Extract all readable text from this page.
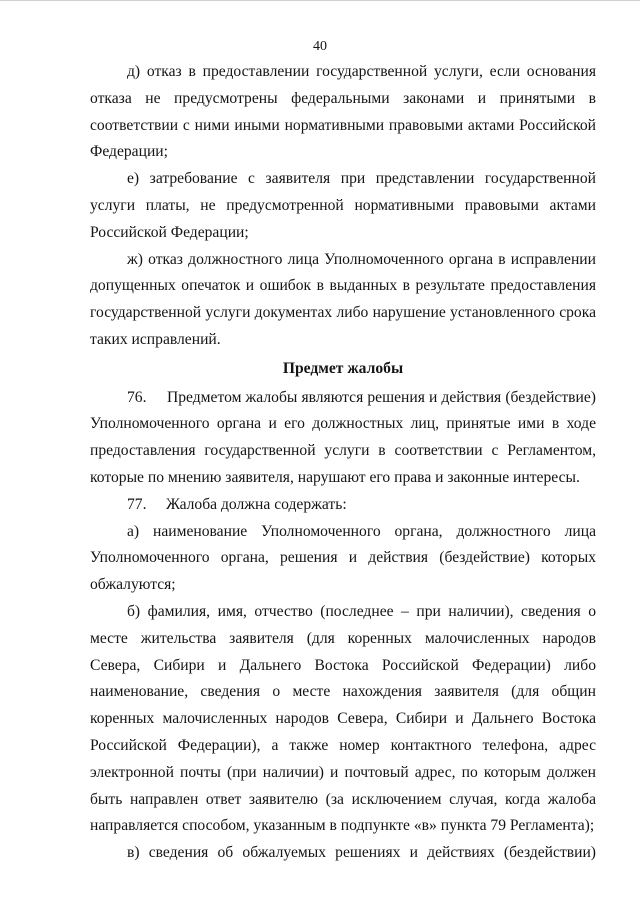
40

д) отказ в предоставлении государственной услуги, если основания отказа не предусмотрены федеральными законами и принятыми в соответствии с ними иными нормативными правовыми актами Российской Федерации;

е) затребование с заявителя при представлении государственной услуги платы, не предусмотренной нормативными правовыми актами Российской Федерации;

ж) отказ должностного лица Уполномоченного органа в исправлении допущенных опечаток и ошибок в выданных в результате предоставления государственной услуги документах либо нарушение установленного срока таких исправлений.

Предмет жалобы

76.     Предметом жалобы являются решения и действия (бездействие) Уполномоченного органа и его должностных лиц, принятые ими в ходе предоставления государственной услуги в соответствии с Регламентом, которые по мнению заявителя, нарушают его права и законные интересы.

77.     Жалоба должна содержать:

а) наименование Уполномоченного органа, должностного лица Уполномоченного органа, решения и действия (бездействие) которых обжалуются;

б) фамилия, имя, отчество (последнее – при наличии), сведения о месте жительства заявителя (для коренных малочисленных народов Севера, Сибири и Дальнего Востока Российской Федерации) либо наименование, сведения о месте нахождения заявителя (для общин коренных малочисленных народов Севера, Сибири и Дальнего Востока Российской Федерации), а также номер контактного телефона, адрес электронной почты (при наличии) и почтовый адрес, по которым должен быть направлен ответ заявителю (за исключением случая, когда жалоба направляется способом, указанным в подпункте «в» пункта 79 Регламента);

в) сведения об обжалуемых решениях и действиях (бездействии)
